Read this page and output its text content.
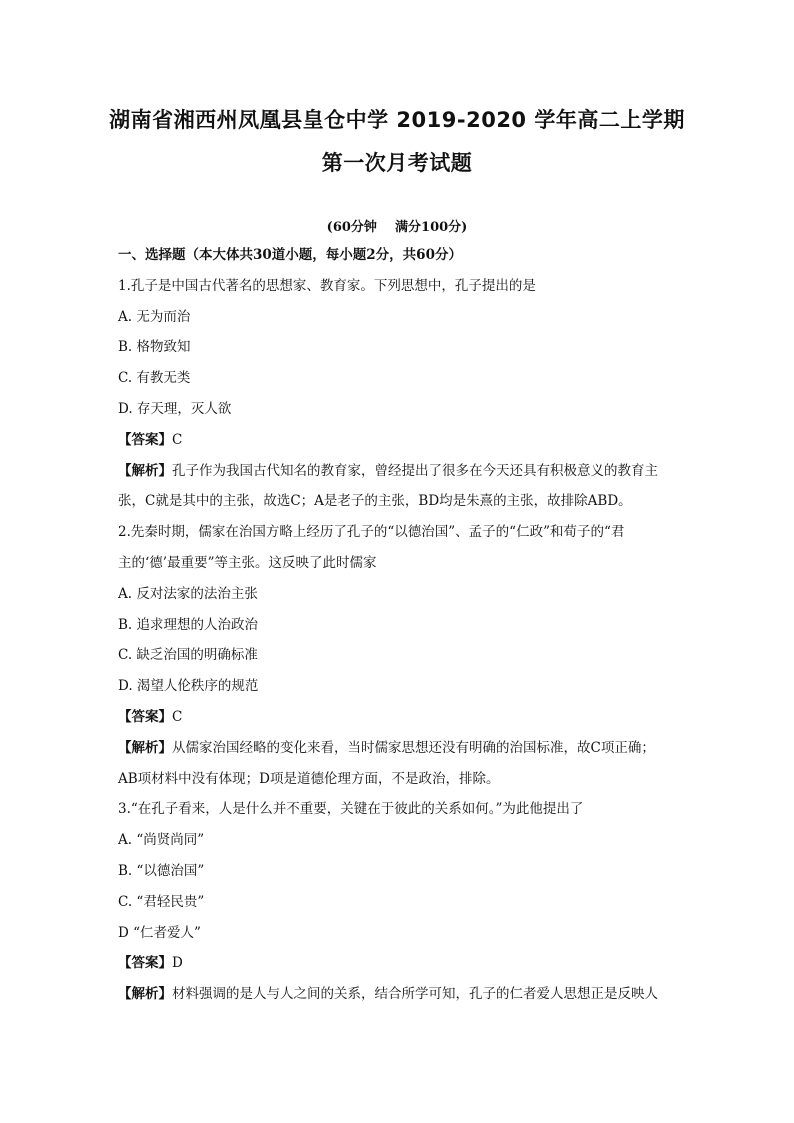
湖南省湘西州凤凰县皇仓中学 2019-2020 学年高二上学期
第一次月考试题
(60分钟    满分100分)
一、选择题（本大体共30道小题，每小题2分，共60分）
1.孔子是中国古代著名的思想家、教育家。下列思想中，孔子提出的是
A. 无为而治
B. 格物致知
C. 有教无类
D. 存天理，灭人欲
【答案】C
【解析】孔子作为我国古代知名的教育家，曾经提出了很多在今天还具有积极意义的教育主
张，C就是其中的主张，故选C；A是老子的主张，BD均是朱熹的主张，故排除ABD。
2.先秦时期，儒家在治国方略上经历了孔子的“以德治国”、孟子的“仁政”和荀子的“君
主的‘德’最重要”等主张。这反映了此时儒家
A. 反对法家的法治主张
B. 追求理想的人治政治
C. 缺乏治国的明确标准
D. 渴望人伦秩序的规范
【答案】C
【解析】从儒家治国经略的变化来看，当时儒家思想还没有明确的治国标准，故C项正确；
AB项材料中没有体现；D项是道德伦理方面，不是政治，排除。
3.“在孔子看来，人是什么并不重要，关键在于彼此的关系如何。”为此他提出了
A. “尚贤尚同”
B. “以德治国”
C. “君轻民贵”
D “仁者爱人”
【答案】D
【解析】材料强调的是人与人之间的关系，结合所学可知，孔子的仁者爱人思想正是反映人
